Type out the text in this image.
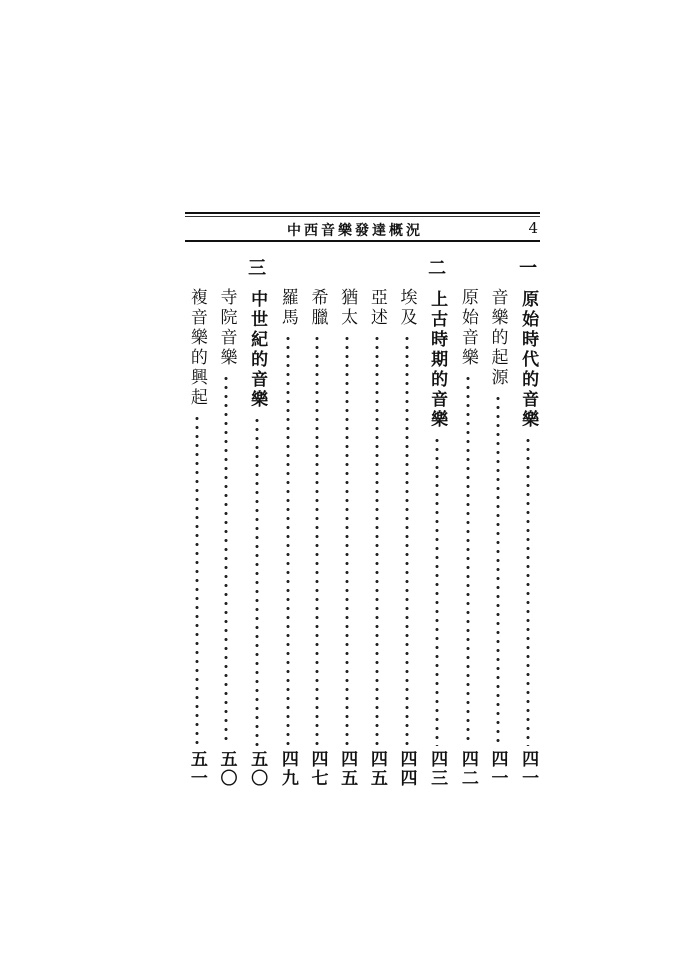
中西音樂發達概況	4
一
原始時代的音樂
四一
音樂的起源
四一
原始音樂
四二
二
上古時期的音樂
四三
埃及
四四
亞述
四五
猶太
四五
希臘
四七
羅馬
四九
三
中世紀的音樂
五〇
寺院音樂
五〇
複音樂的興起
五一
